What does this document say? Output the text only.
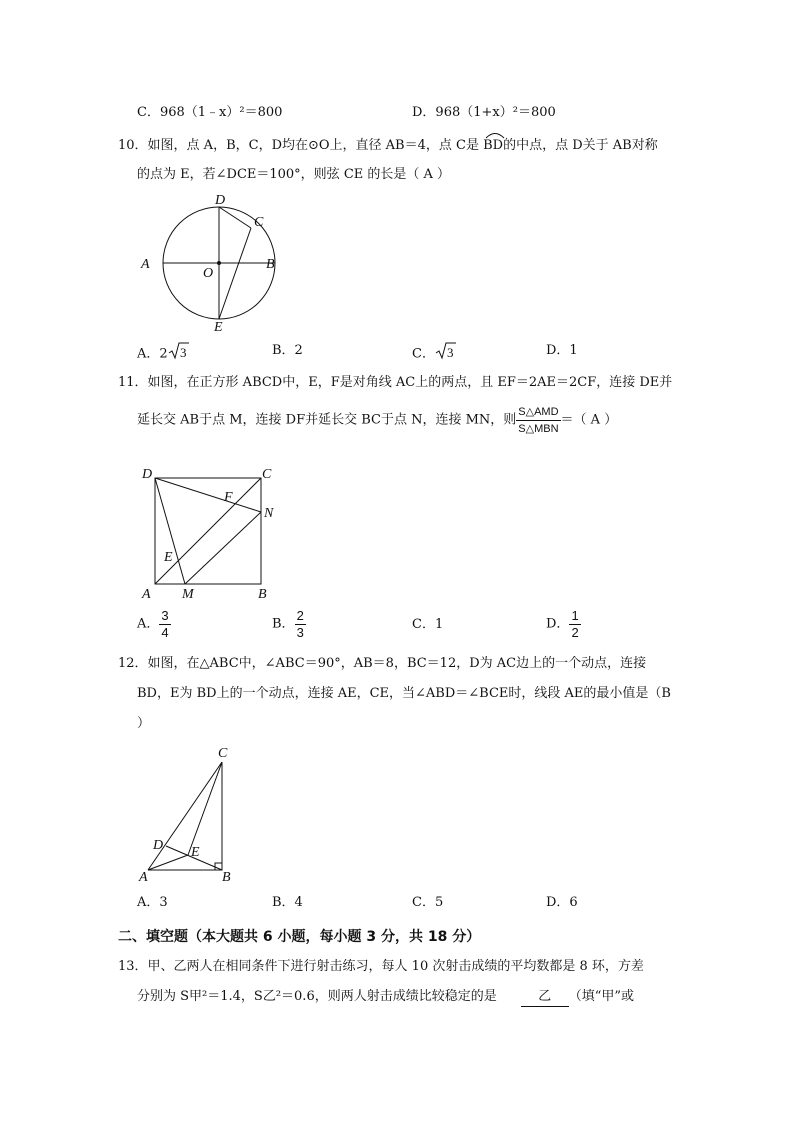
C．968（1﹣x）²＝800	D．968（1+x）²＝800
10．如图，点 A，B，C，D均在⊙O上，直径 AB＝4，点 C是 BD的中点，点 D关于 AB对称
的点为 E，若∠DCE＝100°，则弦 CE 的长是（ A ）
A	B
C
D
E
O
A．2 3	B．2	C． 3	D．1
11．如图，在正方形 ABCD中，E，F是对角线 AC上的两点，且 EF＝2AE＝2CF，连接 DE并
延长交 AB于点 M，连接 DF并延长交 BC于点 N，连接 MN，则 $\frac{\text{S△AMD}}{\text{S△MBN}}$ ＝（ A ）
D	C
A	B
M
N
F
E
A． $\frac{3}{4}$	B． $\frac{2}{3}$	C．1	D． $\frac{1}{2}$
12．如图，在△ABC中，∠ABC＝90°，AB＝8，BC＝12，D为 AC边上的一个动点，连接
BD，E为 BD上的一个动点，连接 AE，CE，当∠ABD＝∠BCE时，线段 AE的最小值是（B
）
C
D E
A	B
A．3	B．4	C．5	D．6
二、填空题（本大题共 6 小题，每小题 3 分，共 18 分）
13．甲、乙两人在相同条件下进行射击练习，每人 10 次射击成绩的平均数都是 8 环，方差
分别为 S甲²＝1.4，S乙²＝0.6，则两人射击成绩比较稳定的是	乙 （填“甲”或
